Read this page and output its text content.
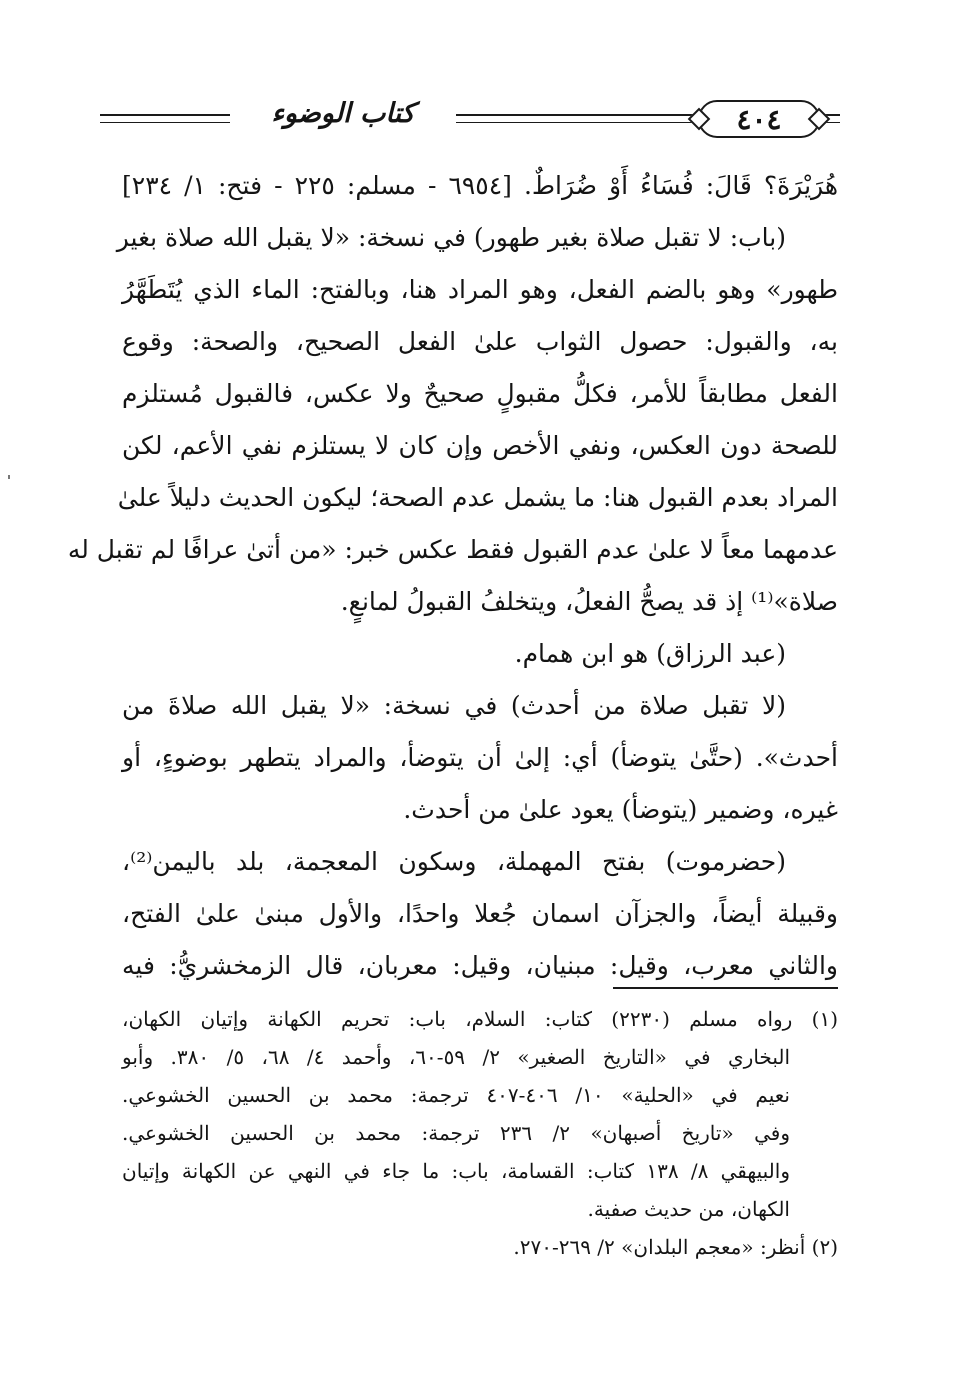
كتاب الوضوء	٤٠٤
هُرَيْرَةَ؟ قَالَ: فُسَاءُ أَوْ ضُرَاطٌ. [٦٩٥٤ - مسلم: ٢٢٥ - فتح: ١/ ٢٣٤]
(باب: لا تقبل صلاة بغير طهور) في نسخة: «لا يقبل الله صلاة بغير
طهور» وهو بالضم الفعل، وهو المراد هنا، وبالفتح: الماء الذي يُتَطَهَّرُ
به، والقبول: حصول الثواب علىٰ الفعل الصحيح، والصحة: وقوع
الفعل مطابقاً للأمر، فكلُّ مقبولٍ صحيحٌ ولا عكس، فالقبول مُستلزم
للصحة دون العكس، ونفي الأخص وإن كان لا يستلزم نفي الأعم، لكن
المراد بعدم القبول هنا: ما يشمل عدم الصحة؛ ليكون الحديث دليلاً علىٰ
عدمهما معاً لا علىٰ عدم القبول فقط عكس خبر: «من أتىٰ عرافًا لم تقبل له
صلاة»⁽¹⁾ إذ قد يصحُّ الفعلُ، ويتخلفُ القبولُ لمانعٍ.
(عبد الرزاق) هو ابن همام.
(لا تقبل صلاة من أحدث) في نسخة: «لا يقبل الله صلاةَ من
أحدث». (حتَّىٰ يتوضأ) أي: إلىٰ أن يتوضأ، والمراد يتطهر بوضوءٍ، أو
غيره، وضمير (يتوضأ) يعود علىٰ من أحدث.
(حضرموت) بفتح المهملة، وسكون المعجمة، بلد باليمن⁽²⁾،
وقبيلة أيضاً، والجزآن اسمان جُعلا واحدًا، والأول مبنىٰ علىٰ الفتح،
والثاني معرب، وقيل: مبنيان، وقيل: معربان، قال الزمخشريُّ: فيه
(١) رواه مسلم (٢٢٣٠) كتاب: السلام، باب: تحريم الكهانة وإتيان الكهان،
البخاري في «التاريخ الصغير» ٢/ ٥٩-٦٠، وأحمد ٤/ ٦٨، ٥/ ٣٨٠. وأبو
نعيم في «الحلية» ١٠/ ٤٠٦-٤٠٧ ترجمة: محمد بن الحسين الخشوعي.
وفي «تاريخ أصبهان» ٢/ ٢٣٦ ترجمة: محمد بن الحسين الخشوعي.
والبيهقي ٨/ ١٣٨ كتاب: القسامة، باب: ما جاء في النهي عن الكهانة وإتيان
الكهان، من حديث صفية.
(٢) أنظر: «معجم البلدان» ٢/ ٢٦٩-٢٧٠.
